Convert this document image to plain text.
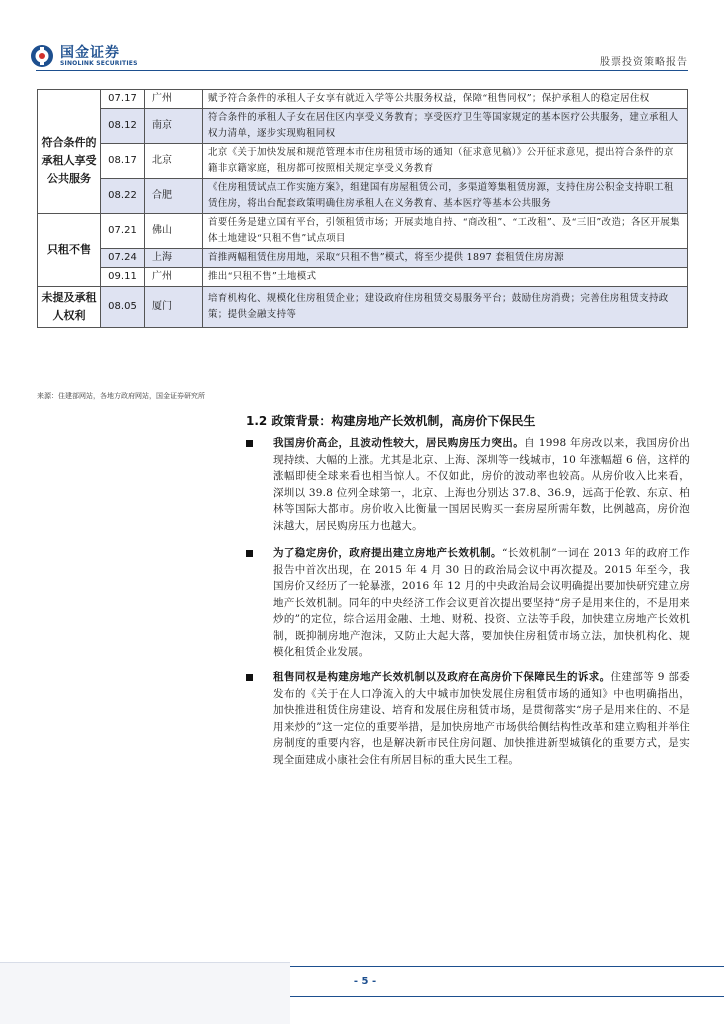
国金证券
SINOLINK SECURITIES	股票投资策略报告
符合条件的承租人享受公共服务	07.17	广州	赋予符合条件的承租人子女享有就近入学等公共服务权益，保障“租售同权”；保护承租人的稳定居住权
	08.12	南京	符合条件的承租人子女在居住区内享受义务教育；享受医疗卫生等国家规定的基本医疗公共服务，建立承租人权力清单，逐步实现购租同权
	08.17	北京	北京《关于加快发展和规范管理本市住房租赁市场的通知（征求意见稿）》公开征求意见，提出符合条件的京籍非京籍家庭，租房都可按照相关规定享受义务教育
	08.22	合肥	《住房租赁试点工作实施方案》，组建国有房屋租赁公司，多渠道筹集租赁房源，支持住房公积金支持职工租赁住房，将出台配套政策明确住房承租人在义务教育、基本医疗等基本公共服务
只租不售	07.21	佛山	首要任务是建立国有平台，引领租赁市场；开展卖地自持、“商改租”、“工改租”、及“三旧”改造；各区开展集体土地建设“只租不售”试点项目
	07.24	上海	首推两幅租赁住房用地，采取“只租不售”模式，将至少提供 1897 套租赁住房房源
	09.11	广州	推出“只租不售”土地模式
未提及承租人权利	08.05	厦门	培育机构化、规模化住房租赁企业；建设政府住房租赁交易服务平台；鼓励住房消费；完善住房租赁支持政策；提供金融支持等
来源：住建部网站，各地方政府网站，国金证券研究所
1.2 政策背景：构建房地产长效机制，高房价下保民生
我国房价高企，且波动性较大，居民购房压力突出。自 1998 年房改以来，我国房价出现持续、大幅的上涨。尤其是北京、上海、深圳等一线城市，10 年涨幅超 6 倍，这样的涨幅即使全球来看也相当惊人。不仅如此，房价的波动率也较高。从房价收入比来看，深圳以 39.8 位列全球第一，北京、上海也分别达 37.8、36.9，远高于伦敦、东京、柏林等国际大都市。房价收入比衡量一国居民购买一套房屋所需年数，比例越高，房价泡沫越大，居民购房压力也越大。
为了稳定房价，政府提出建立房地产长效机制。“长效机制”一词在 2013 年的政府工作报告中首次出现，在 2015 年 4 月 30 日的政治局会议中再次提及。2015 年至今，我国房价又经历了一轮暴涨，2016 年 12 月的中央政治局会议明确提出要加快研究建立房地产长效机制。同年的中央经济工作会议更首次提出要坚持“房子是用来住的，不是用来炒的”的定位，综合运用金融、土地、财税、投资、立法等手段，加快建立房地产长效机制，既抑制房地产泡沫，又防止大起大落，要加快住房租赁市场立法，加快机构化、规模化租赁企业发展。
租售同权是构建房地产长效机制以及政府在高房价下保障民生的诉求。住建部等 9 部委发布的《关于在人口净流入的大中城市加快发展住房租赁市场的通知》中也明确指出，加快推进租赁住房建设、培育和发展住房租赁市场，是贯彻落实“房子是用来住的、不是用来炒的”这一定位的重要举措，是加快房地产市场供给侧结构性改革和建立购租并举住房制度的重要内容，也是解决新市民住房问题、加快推进新型城镇化的重要方式，是实现全面建成小康社会住有所居目标的重大民生工程。
- 5 -
